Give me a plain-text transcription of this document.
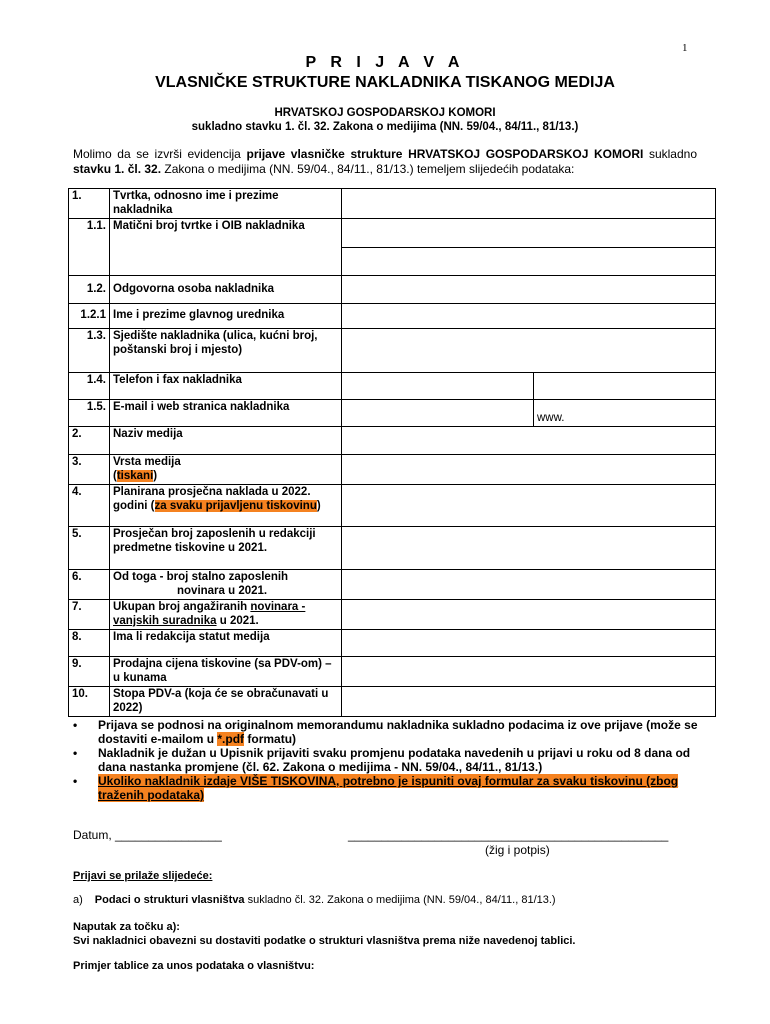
1
P R I J A V A
VLASNIČKE STRUKTURE NAKLADNIKA TISKANOG MEDIJA
HRVATSKOJ GOSPODARSKOJ KOMORI
sukladno stavku 1. čl. 32. Zakona o medijima (NN. 59/04., 84/11., 81/13.)
Molimo da se izvrši evidencija prijave vlasničke strukture HRVATSKOJ GOSPODARSKOJ KOMORI sukladno stavku 1. čl. 32. Zakona o medijima (NN. 59/04., 84/11., 81/13.) temeljem slijedećih podataka:
1.	Tvrtka, odnosno ime i prezime nakladnika		
1.1.	Matični broj tvrtke i OIB nakladnika		

1.2.	Odgovorna osoba nakladnika		
1.2.1	Ime i prezime glavnog urednika		
1.3.	Sjedište nakladnika (ulica, kućni broj, poštanski broj i mjesto)		
1.4.	Telefon i fax nakladnika		
1.5.	E-mail i web stranica nakladnika		www.
2.	Naziv medija		
3.	Vrsta medija
(tiskani)		
4.	Planirana prosječna naklada u 2022. godini (za svaku prijavljenu tiskovinu)		
5.	Prosječan broj zaposlenih u redakciji predmetne tiskovine u 2021.		
6.	Od toga - broj stalno zaposlenih
novinara u 2021.		
7.	Ukupan broj angažiranih novinara - vanjskih suradnika u 2021.		
8.	Ima li redakcija statut medija		
9.	Prodajna cijena tiskovine (sa PDV-om) – u kunama		
10.	Stopa PDV-a (koja će se obračunavati u 2022)		
• Prijava se podnosi na originalnom memorandumu nakladnika sukladno podacima iz ove prijave (može se dostaviti e-mailom u *.pdf formatu)
• Nakladnik je dužan u Upisnik prijaviti svaku promjenu podataka navedenih u prijavi u roku od 8 dana od dana nastanka promjene (čl. 62. Zakona o medijima - NN. 59/04., 84/11., 81/13.)
• Ukoliko nakladnik izdaje VIŠE TISKOVINA, potrebno je ispuniti ovaj formular za svaku tiskovinu (zbog traženih podataka)
Datum, ________________	________________________________________________
(žig i potpis)
Prijavi se prilaže slijedeće:
a) Podaci o strukturi vlasništva sukladno čl. 32. Zakona o medijima (NN. 59/04., 84/11., 81/13.)
Naputak za točku a):
Svi nakladnici obavezni su dostaviti podatke o strukturi vlasništva prema niže navedenoj tablici.
Primjer tablice za unos podataka o vlasništvu:
